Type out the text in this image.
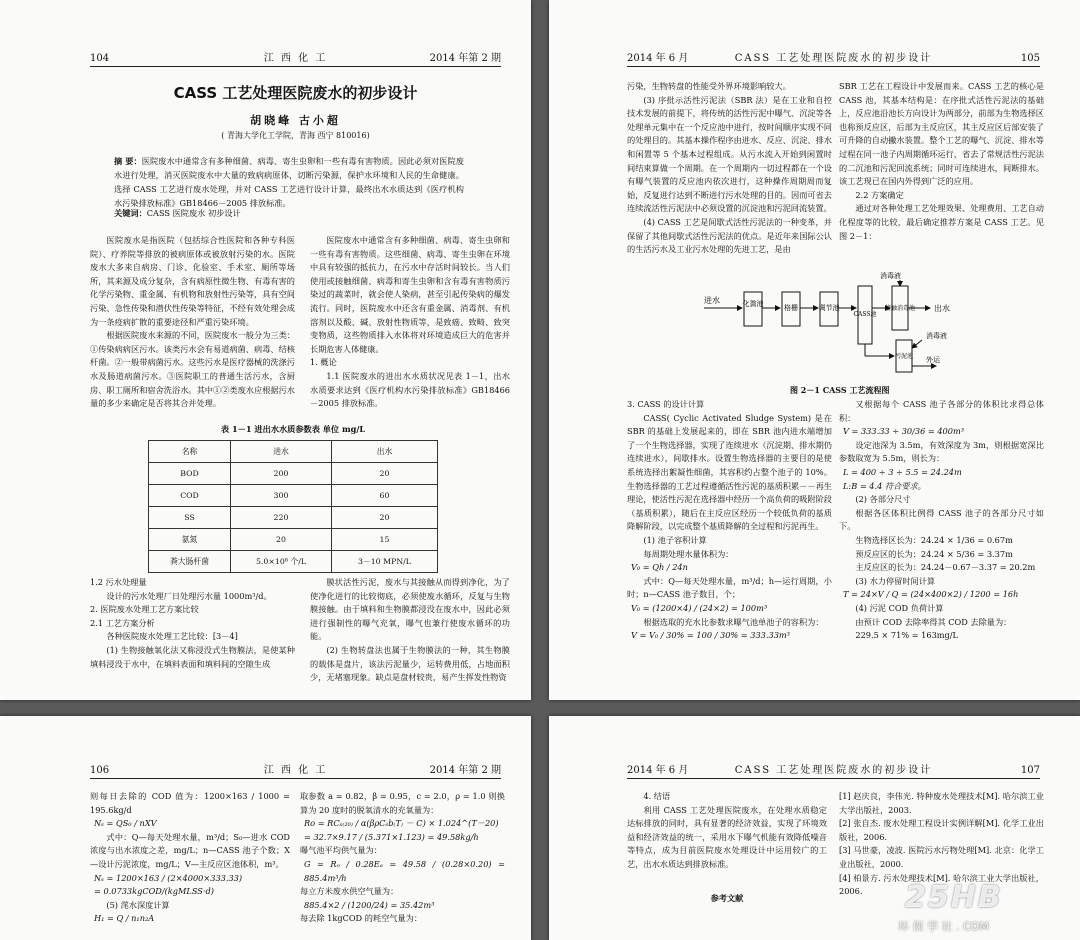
104	江 西 化 工	2014 年第 2 期
CASS 工艺处理医院废水的初步设计
胡晓峰 古小超
( 青海大学化工学院，青海 西宁 810016)
摘 要：医院废水中通常含有多种细菌、病毒、寄生虫卵和一些有毒有害物质。因此必须对医院废水进行处理，消灭医院废水中大量的致病病原体，切断污染源，保护水环境和人民的生命健康。选择 CASS 工艺进行废水处理，并对 CASS 工艺进行设计计算，最终出水水质达到《医疗机构水污染排放标准》GB18466－2005 排放标准。
关键词：CASS 医院废水 初步设计

医院废水是指医院（包括综合性医院和各种专科医院）、疗养院等排放的被病原体或被放射污染的水。医院废水大多来自病房、门诊、化验室、手术室、厕所等场所，其来源及成分复杂，含有病原性微生物、有毒有害的化学污染物、重金属、有机物和放射性污染等，具有空间污染、急性传染和潜伏性传染等特征，不经有效处理会成为一条疫病扩散的重要途径和严重污染环境。

根据医院废水来源的不同，医院废水一般分为三类：①传染病病区污水。该类污水会有易道病菌、病毒、结核杆菌。②一般带病菌污水。这些污水是医疗器械的洗涤污水及肠道病菌污水。③医院职工的普通生活污水，含厨房、职工厕所和宿舍洗浴水。其中①②类废水应根据污水量的多少来确定是否将其合并处理。

医院废水中通常含有多种细菌、病毒、寄生虫卵和一些有毒有害物质。这些细菌、病毒、寄生虫卵在环境中具有较强的抵抗力，在污水中存活时间较长。当人们使用或接触细菌、病毒和寄生虫卵和含有毒有害物质污染过的蔬菜时，就会使人染病，甚至引起传染病的爆发流行。同时，医院废水中还含有重金属、消毒剂、有机溶剂以及酸、碱、放射性物质等，是致癌、致畸、致突变物质，这些物质排入水体将对环境造成巨大的危害并长期危害人体健康。

1. 概论

1.1 医院废水的进出水水质状况见表 1－1，出水水质要求达到《医疗机构水污染排放标准》GB18466－2005 排放标准。

表 1－1 进出水水质参数表 单位 mg/L
名称	进水	出水
BOD	200	20
COD	300	60
SS	220	20
氨氮	20	15
粪大肠杆菌	5.0×10⁸ 个/L	3－10 MPN/L

1.2 污水处理量

设计的污水处理厂日处理污水量 1000m³/d。

2. 医院废水处理工艺方案比较

2.1 工艺方案分析

各种医院废水处理工艺比较：[3－4]

(1) 生物接触氧化法又称浸没式生物膜法，是使某种填料浸没于水中，在填料表面和填料间的空隙生成

膜状活性污泥，废水与其接触从而得到净化，为了使净化进行的比较彻底，必须使废水循环，反复与生物膜接触。由于填料和生物膜都浸没在废水中，因此必须进行强制性的曝气充氧，曝气也兼行使废水循环的功能。

(2) 生物转盘法也属于生物膜法的一种，其生物膜的载体是盘片，该法污泥量少，运转费用低，占地面积少，无堵塞现象。缺点是盘材较贵，易产生挥发性物资

2014 年 6 月	CASS 工艺处理医院废水的初步设计	105

污染，生物转盘的性能受外界环境影响较大。

(3) 序批示活性污泥法（SBR 法）是在工业和自控技术发展的前提下，将传统的活性污泥中曝气、沉淀等各处理单元集中在一个反应池中进行，按时间顺序实现不同的处理目的。其基本操作程序由进水、反应、沉淀、排水和闲置等 5 个基本过程组成。从污水流入开始到闲置时间结束算做一个周期。在一个周期内一切过程都在一个设有曝气装置的反应池内依次进行，这种操作周期周而复始，反复进行达到不断进行污水处理的目的。因而可省去连续流活性污泥法中必须设置的沉淀池和污泥回流装置。

(4) CASS 工艺是间歇式活性污泥法的一种变革，并保留了其他间歇式活性污泥法的优点。是近年来国际公认的生活污水及工业污水处理的先进工艺，是由

SBR 工艺在工程设计中发展而来。CASS 工艺的核心是 CASS 池，其基本结构是：在序批式活性污泥法的基础上，反应池沿池长方向设计为两部分，前部为生物选择区也称预反应区，后部为主反应区，其主反应区后部安装了可升降的自动撇水装置。整个工艺的曝气、沉淀、排水等过程在同一池子内周期循环运行，省去了常规活性污泥法的二沉池和污泥回流系统；同时可连续进水，间断排水。该工艺现已在国内外得到广泛的应用。

2.2 方案确定

通过对各种处理工艺处理效果、处理费用、工艺自动化程度等的比较，最后确定推荐方案是 CASS 工艺。见图 2－1：

3. CASS 的设计计算

CASS( Cyclic Activated Sludge System) 是在 SBR 的基础上发展起来的，即在 SBR 池内进水端增加了一个生物选择器，实现了连续进水（沉淀期、排水期仍连续进水），间歇排水。设置生物选择器的主要目的是使系统选择出絮凝性细菌，其容积约占整个池子的 10%。生物选择器的工艺过程遵循活性污泥的基质积累－－再生理论，使活性污泥在选择器中经历一个高负荷的吸附阶段（基质积累），随后在主反应区经历一个较低负荷的基质降解阶段，以完成整个基质降解的全过程和污泥再生。

(1) 池子容积计算

每周期处理水量体积为：

V₀ = Qh / 24n

式中：Q—每天处理水量，m³/d；h—运行周期，小时；n—CASS 池子数目，个；

V₀ = (1200×4) / (24×2) = 100m³

根据选取的充水比参数求曝气池单池子的容积为：

V = V₀ / 30% = 100 / 30% = 333.33m³

又根据每个 CASS 池子各部分的体积比求得总体积：

V = 333.33 ÷ 30/36 = 400m³

设定池深为 3.5m，有效深度为 3m，则根据宽深比参数取宽为 5.5m，则长为：

L = 400 ÷ 3 ÷ 5.5 = 24.24m

L:B = 4.4 符合要求。

(2) 各部分尺寸

根据各区体积比例得 CASS 池子的各部分尺寸如下。

生物选择区长为：24.24 × 1/36 = 0.67m

预反应区的长为：24.24 × 5/36 = 3.37m

主反应区的长为：24.24－0.67－3.37 = 20.2m

(3) 水力停留时间计算

T = 24×V / Q = (24×400×2) / 1200 = 16h

(4) 污泥 COD 负荷计算

由预计 COD 去除率得其 COD 去除量为：

229.5 × 71% = 163mg/L

进水	化粪池	格栅	调节池
CASS池
接触消毒池
消毒液
出水
消毒液
污泥池 外运
图 2－1 CASS 工艺流程图
106	江 西 化 工	2014 年第 2 期

则每日去除的 COD 值为：1200×163 / 1000 = 195.6kg/d

Nₛ = QS₀ / nXV

式中：Q—每天处理水量，m³/d；S₀—进水 COD 浓度与出水浓度之差，mg/L；n—CASS 池子个数；X—设计污泥浓度，mg/L；V—主反应区池体积，m³。

Nₛ = 1200×163 / (2×4000×333.33)

= 0.0733kgCOD/(kgMLSS·d)

(5) 滗水深度计算

H₁ = Q / n₁n₂A

取参数 a = 0.82，β = 0.95，c = 2.0，ρ = 1.0 则换算为 20 度时的脱氧清水的充氧量为：

Ro = RCₛ₍₂₀₎ / α(βρCₛb₍T₎ － C) × 1.024^(T－20)

= 32.7×9.17 / (5.371×1.123) = 49.58kg/h

曝气池平均供气量为：

G = Rₒ / 0.28Eₐ = 49.58 / (0.28×0.20) = 885.4m³/h

每立方米废水供空气量为：

885.4×2 / (1200/24) = 35.42m³

每去除 1kgCOD 的耗空气量为：

2014 年 6 月	CASS 工艺处理医院废水的初步设计	107

4. 结语

利用 CASS 工艺处理医院废水，在处理水质稳定达标排放的同时，具有显著的经济效益，实现了环境效益和经济效益的统一，采用水下曝气机能有效降低噪音等特点，成为目前医院废水处理设计中运用较广的工艺，出水水质达到排放标准。

参考文献

[1] 赵庆良，李伟光. 特种废水处理技术[M]. 哈尔滨工业大学出版社，2003.

[2] 张自杰. 废水处理工程设计实例详解[M]. 化学工业出版社，2006.

[3] 马世豪，凌波. 医院污水污物处理[M]. 北京：化学工业出版社，2000.

[4] 柏景方. 污水处理技术[M]. 哈尔滨工业大学出版社，2006.	25HB
环 保 学 社 . COM
